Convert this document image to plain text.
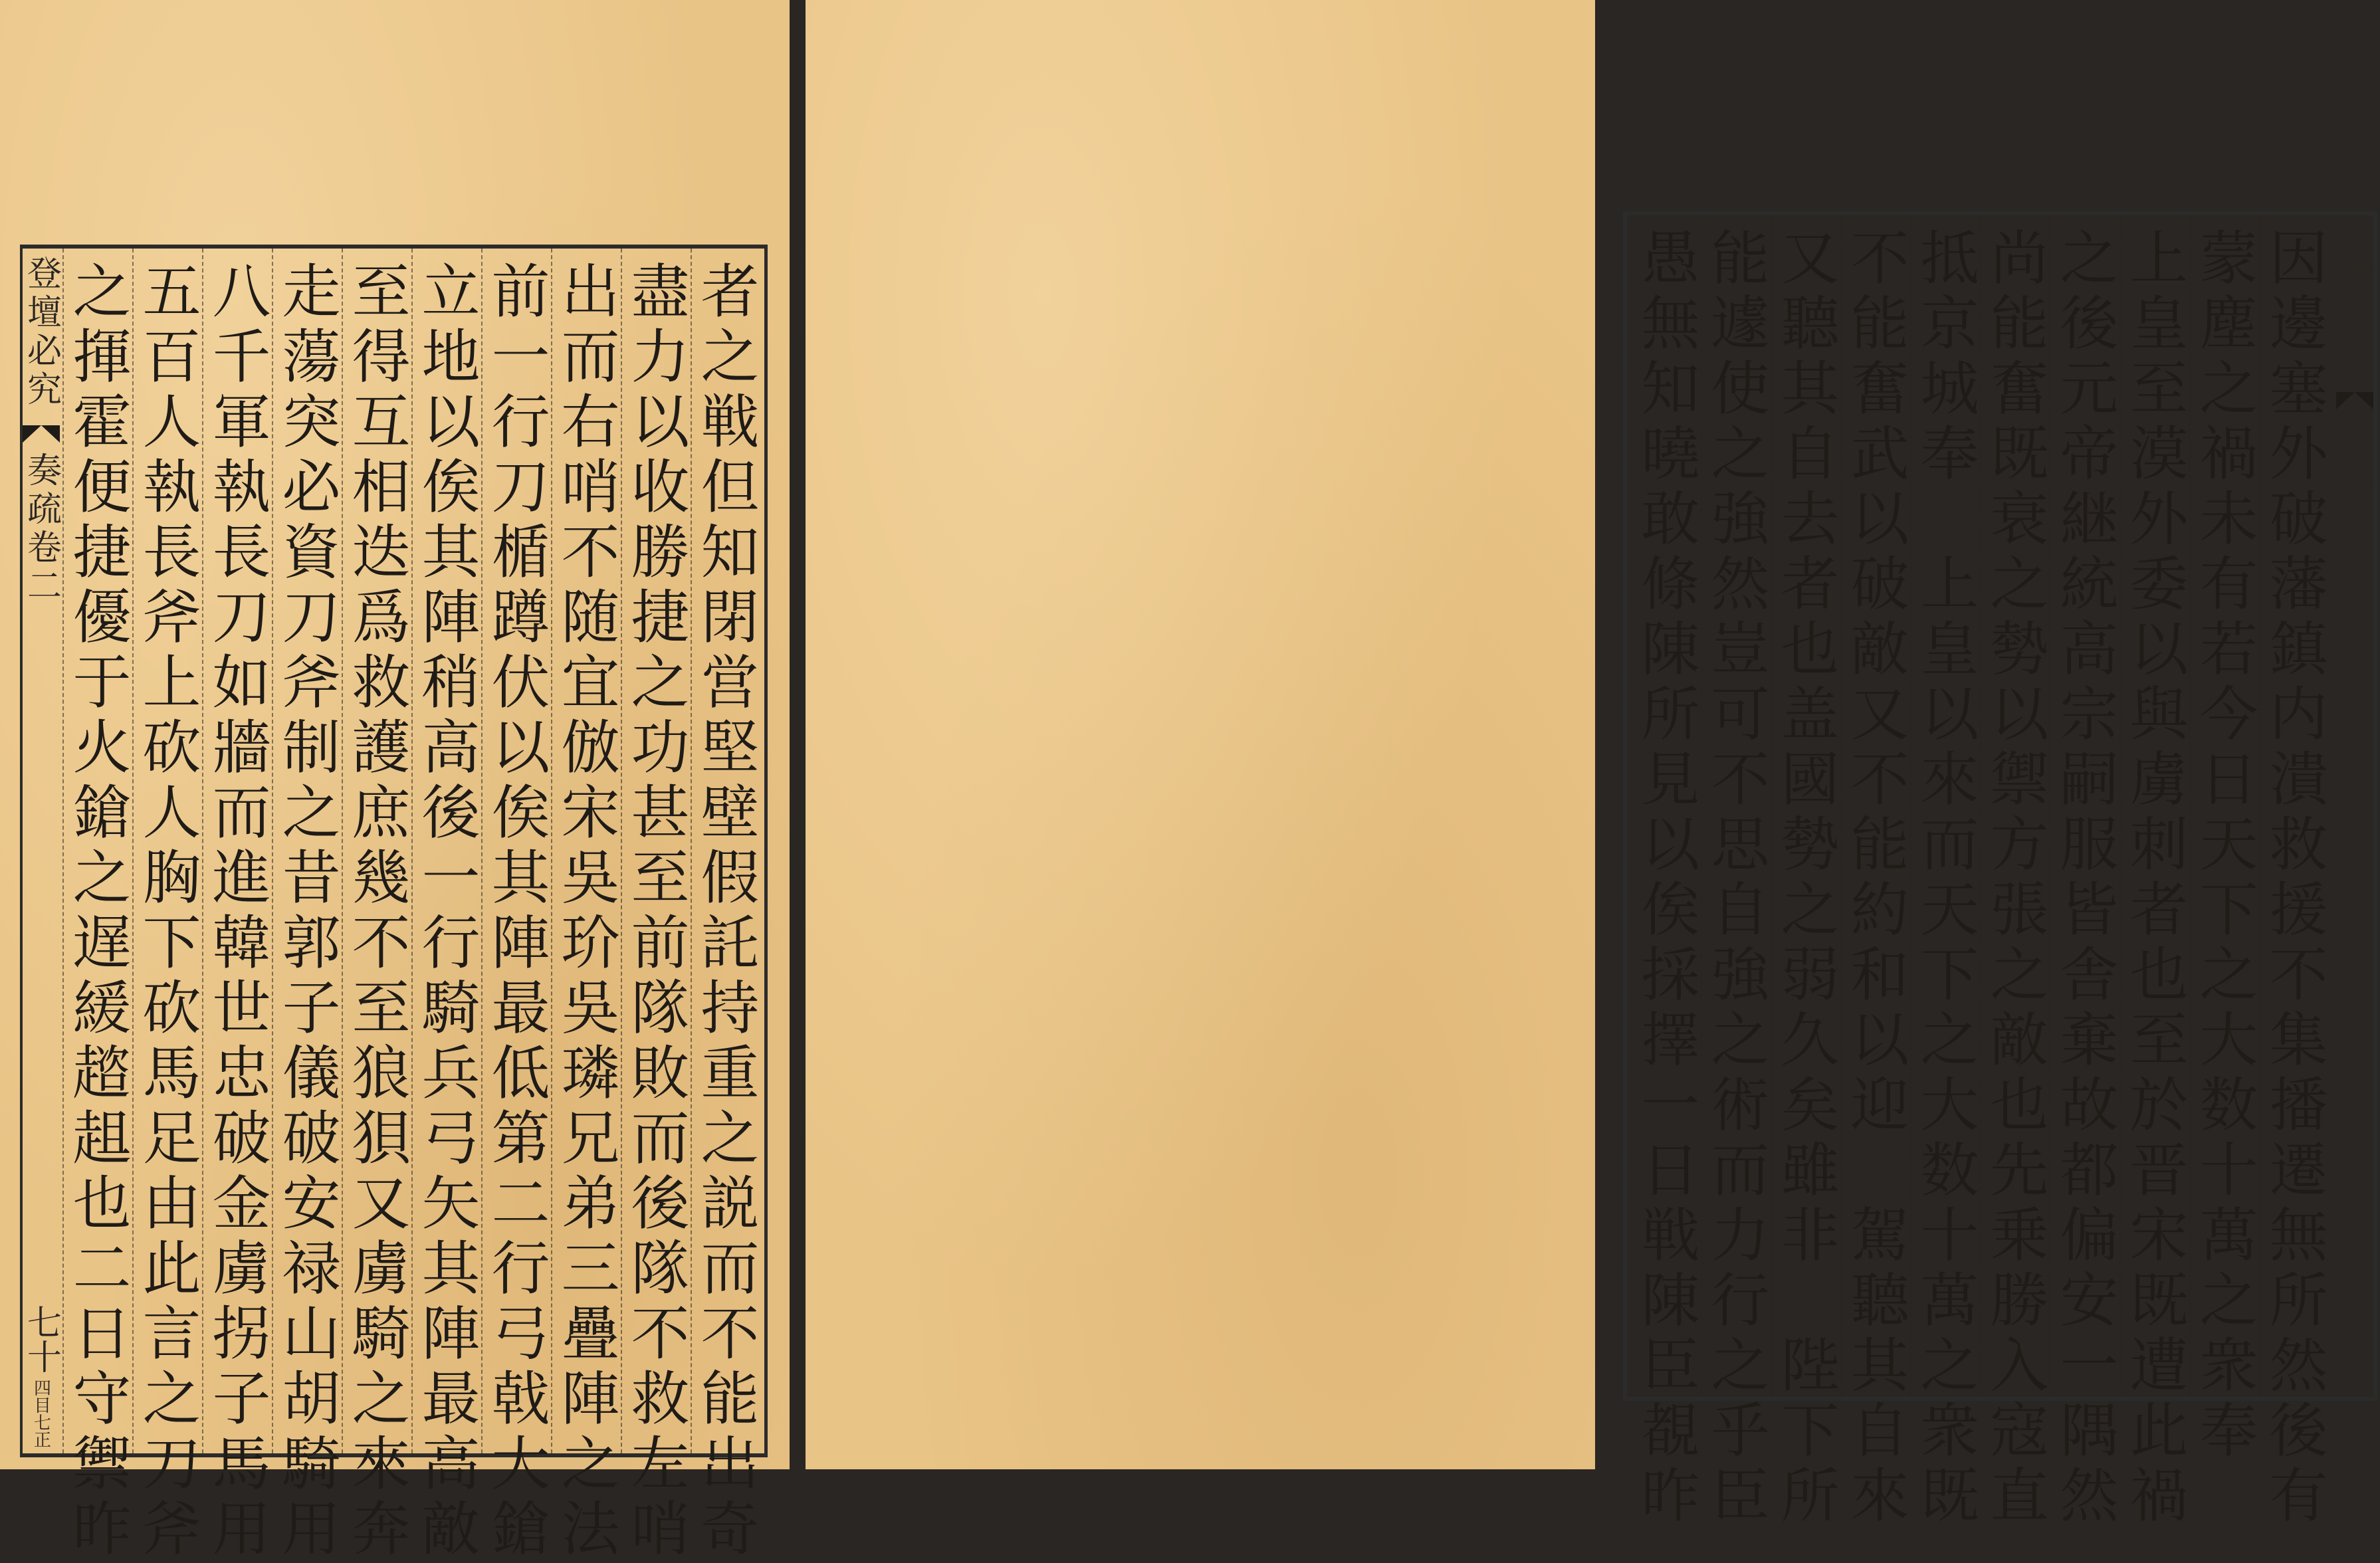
者之戦但知閉営堅壁假託持重之説而不能出奇
盡力以收勝捷之功甚至前隊敗而後隊不救左哨
出而右哨不随宜倣宋吳玠吳璘兄弟三疊陣之法
前一行刀楯蹲伏以俟其陣最低第二行弓戟大鎗
立地以俟其陣稍高後一行騎兵弓矢其陣最高敵
至得互相迭爲救護庶幾不至狼狽又虜騎之來奔
走蕩突必資刀斧制之昔郭子儀破安禄山胡騎用
八千軍執長刀如牆而進韓世忠破金虜拐子馬用
五百人執長斧上砍人胸下砍馬足由此言之刀斧
之揮霍便捷優于火鎗之遅緩趦趄也二日守禦昨
登壇必究
奏疏卷二
七十
四目七正	因邊塞外破藩鎮内潰救援不集播遷無所然後有
蒙塵之禍未有若今日天下之大数十萬之衆奉
上皇至漠外委以與虜刺者也至於晋宋既遭此禍
之後元帝継統高宗嗣服皆舎棄故都偏安一隅然
尚能奮既衰之勢以禦方張之敵也先乗勝入寇直
抵京城奉　上皇以來而天下之大数十萬之衆既
不能奮武以破敵又不能約和以迎　駕聽其自來
又聽其自去者也盖國勢之弱久矣雖非　陛下所
能遽使之強然豈可不思自強之術而力行之乎臣
愚無知曉敢條陳所見以俟採擇一日戦陳臣覩昨	登壇必究
奏疏卷二
六十
壬戌
